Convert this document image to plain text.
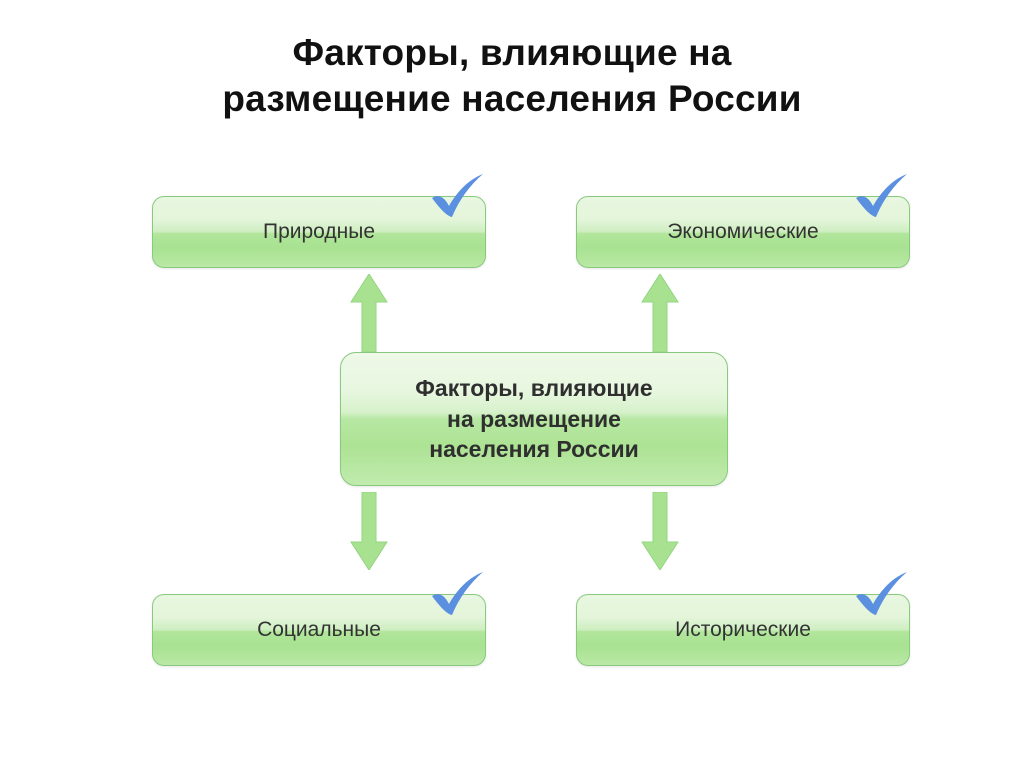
Факторы, влияющие на
размещение населения России
Природные	Экономические
Социальные	Исторические
Факторы, влияющие
на размещение
населения России
